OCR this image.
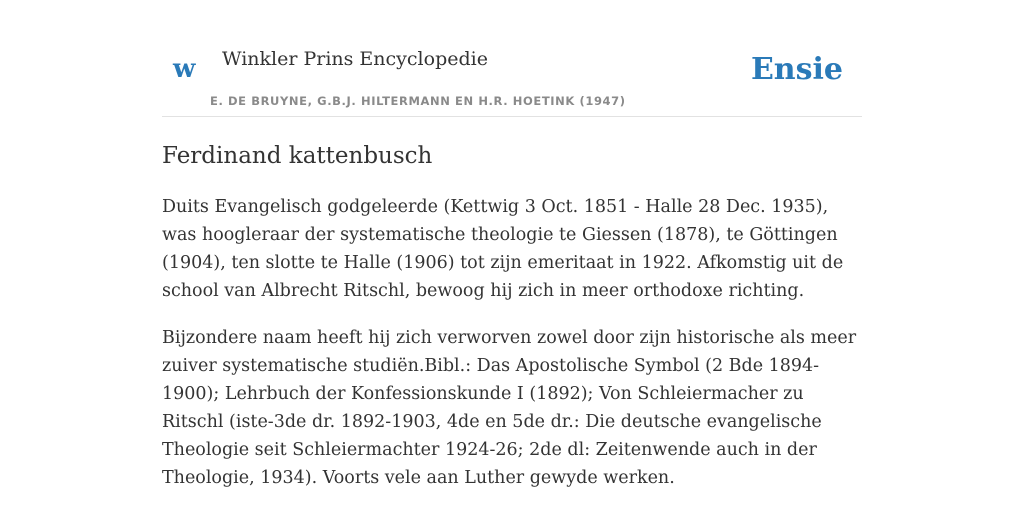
w Winkler Prins Encyclopedie	Ensie
E. DE BRUYNE, G.B.J. HILTERMANN EN H.R. HOETINK (1947)
Ferdinand kattenbusch

Duits Evangelisch godgeleerde (Kettwig 3 Oct. 1851 - Halle 28 Dec. 1935), was hoogleraar der systematische theologie te Giessen (1878), te Göttingen (1904), ten slotte te Halle (1906) tot zijn emeritaat in 1922. Afkomstig uit de school van Albrecht Ritschl, bewoog hij zich in meer orthodoxe richting.

Bijzondere naam heeft hij zich verworven zowel door zijn historische als meer zuiver systematische studiën.Bibl.: Das Apostolische Symbol (2 Bde 1894-1900); Lehrbuch der Konfessionskunde I (1892); Von Schleiermacher zu Ritschl (iste-3de dr. 1892-1903, 4de en 5de dr.: Die deutsche evangelische Theologie seit Schleiermachter 1924-26; 2de dl: Zeitenwende auch in der Theologie, 1934). Voorts vele aan Luther gewyde werken.
